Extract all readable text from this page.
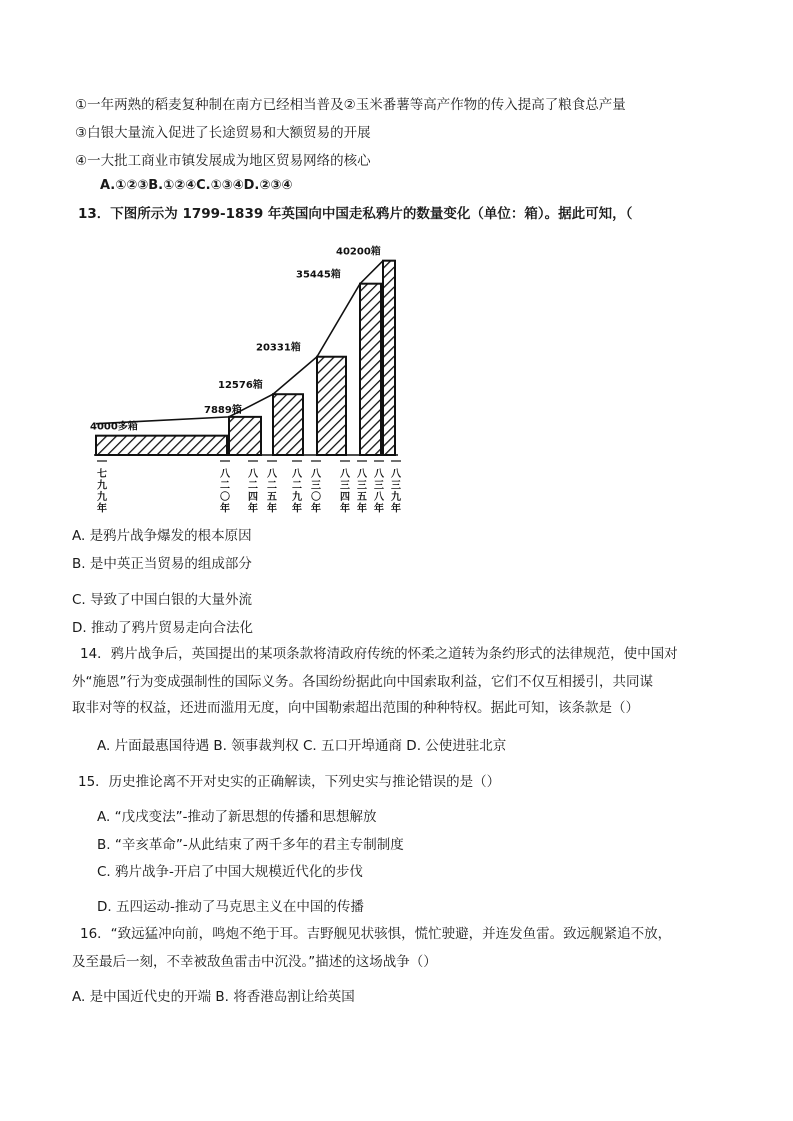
①一年两熟的稻麦复种制在南方已经相当普及②玉米番薯等高产作物的传入提高了粮食总产量
③白银大量流入促进了长途贸易和大额贸易的开展
④一大批工商业市镇发展成为地区贸易网络的核心
A.①②③B.①②④C.①③④D.②③④
13．下图所示为 1799-1839 年英国向中国走私鸦片的数量变化（单位：箱）。据此可知，（
4000多箱
7889箱
12576箱
20331箱
35445箱
40200箱
七
九
九
年
八
二
〇
年
八
二
四
年
八
二
五
年
八
二
九
年
八
三
〇
年
八
三
四
年
八
三
五
年
八
三
八
年
八
三
九
年
A. 是鸦片战争爆发的根本原因
B. 是中英正当贸易的组成部分
C. 导致了中国白银的大量外流
D. 推动了鸦片贸易走向合法化
14．鸦片战争后，英国提出的某项条款将清政府传统的怀柔之道转为条约形式的法律规范，使中国对
外“施恩”行为变成强制性的国际义务。各国纷纷据此向中国索取利益，它们不仅互相援引，共同谋
取非对等的权益，还进而滥用无度，向中国勒索超出范围的种种特权。据此可知，该条款是（）
A. 片面最惠国待遇 B. 领事裁判权 C. 五口开埠通商 D. 公使进驻北京
15．历史推论离不开对史实的正确解读，下列史实与推论错误的是（）
A. “戊戌变法”-推动了新思想的传播和思想解放
B. “辛亥革命”-从此结束了两千多年的君主专制制度
C. 鸦片战争-开启了中国大规模近代化的步伐
D. 五四运动-推动了马克思主义在中国的传播
16．“致远猛冲向前，鸣炮不绝于耳。吉野舰见状骇惧，慌忙驶避，并连发鱼雷。致远舰紧追不放，
及至最后一刻，不幸被敌鱼雷击中沉没。”描述的这场战争（）
A. 是中国近代史的开端 B. 将香港岛割让给英国
